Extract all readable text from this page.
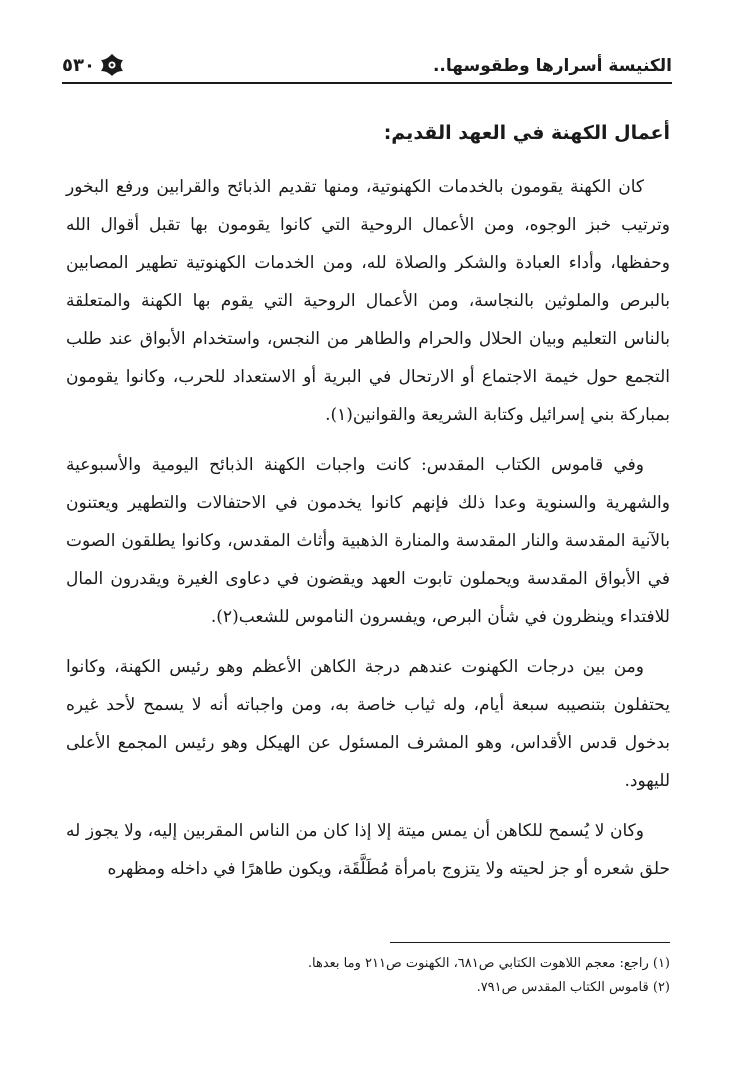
٥٣٠	الكنيسة أسرارها وطقوسها..
أعمال الكهنة في العهد القديم:

كان الكهنة يقومون بالخدمات الكهنوتية، ومنها تقديم الذبائح والقرابين ورفع البخور وترتيب خبز الوجوه، ومن الأعمال الروحية التي كانوا يقومون بها تقبل أقوال الله وحفظها، وأداء العبادة والشكر والصلاة لله، ومن الخدمات الكهنوتية تطهير المصابين بالبرص والملوثين بالنجاسة، ومن الأعمال الروحية التي يقوم بها الكهنة والمتعلقة بالناس التعليم وبيان الحلال والحرام والطاهر من النجس، واستخدام الأبواق عند طلب التجمع حول خيمة الاجتماع أو الارتحال في البرية أو الاستعداد للحرب، وكانوا يقومون بمباركة بني إسرائيل وكتابة الشريعة والقوانين(١).

وفي قاموس الكتاب المقدس: كانت واجبات الكهنة الذبائح اليومية والأسبوعية والشهرية والسنوية وعدا ذلك فإنهم كانوا يخدمون في الاحتفالات والتطهير ويعتنون بالآنية المقدسة والنار المقدسة والمنارة الذهبية وأثاث المقدس، وكانوا يطلقون الصوت في الأبواق المقدسة ويحملون تابوت العهد ويقضون في دعاوى الغيرة ويقدرون المال للافتداء وينظرون في شأن البرص، ويفسرون الناموس للشعب(٢).

ومن بين درجات الكهنوت عندهم درجة الكاهن الأعظم وهو رئيس الكهنة، وكانوا يحتفلون بتنصيبه سبعة أيام، وله ثياب خاصة به، ومن واجباته أنه لا يسمح لأحد غيره بدخول قدس الأقداس، وهو المشرف المسئول عن الهيكل وهو رئيس المجمع الأعلى لليهود.

وكان لا يُسمح للكاهن أن يمس ميتة إلا إذا كان من الناس المقربين إليه، ولا يجوز له حلق شعره أو جز لحيته ولا يتزوج بامرأة مُطَلَّقَة، ويكون طاهرًا في داخله ومظهره

(١) راجع: معجم اللاهوت الكتابي ص٦٨١، الكهنوت ص٢١١ وما بعدها.

(٢) قاموس الكتاب المقدس ص٧٩١.
